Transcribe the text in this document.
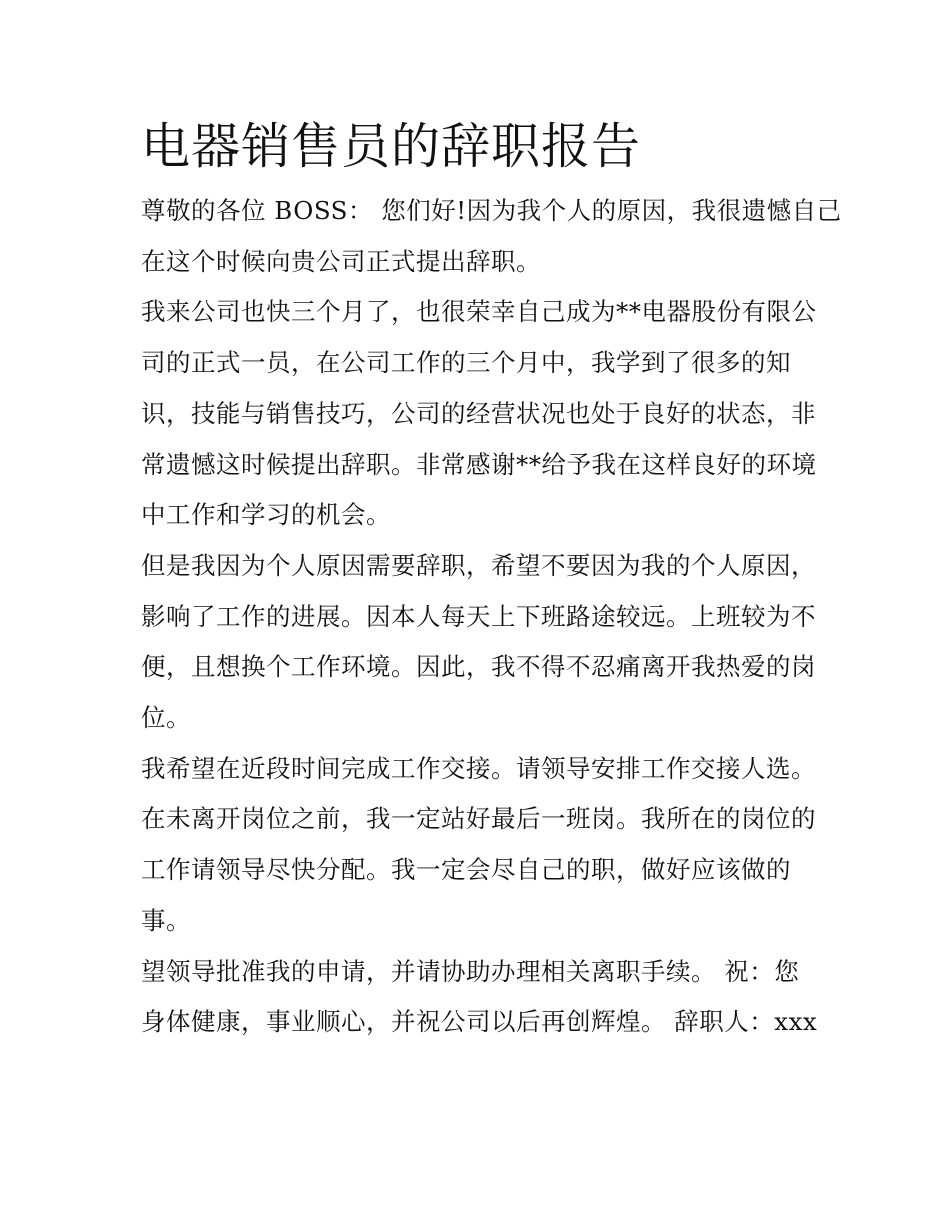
电器销售员的辞职报告

尊敬的各位 BOSS： 您们好!因为我个人的原因，我很遗憾自己
在这个时候向贵公司正式提出辞职。

我来公司也快三个月了，也很荣幸自己成为**电器股份有限公
司的正式一员，在公司工作的三个月中，我学到了很多的知
识，技能与销售技巧，公司的经营状况也处于良好的状态，非
常遗憾这时候提出辞职。非常感谢**给予我在这样良好的环境
中工作和学习的机会。

但是我因为个人原因需要辞职，希望不要因为我的个人原因，
影响了工作的进展。因本人每天上下班路途较远。上班较为不
便，且想换个工作环境。因此，我不得不忍痛离开我热爱的岗
位。

我希望在近段时间完成工作交接。请领导安排工作交接人选。
在未离开岗位之前，我一定站好最后一班岗。我所在的岗位的
工作请领导尽快分配。我一定会尽自己的职，做好应该做的
事。

望领导批准我的申请，并请协助办理相关离职手续。 祝：您
身体健康，事业顺心，并祝公司以后再创辉煌。 辞职人：xxx
